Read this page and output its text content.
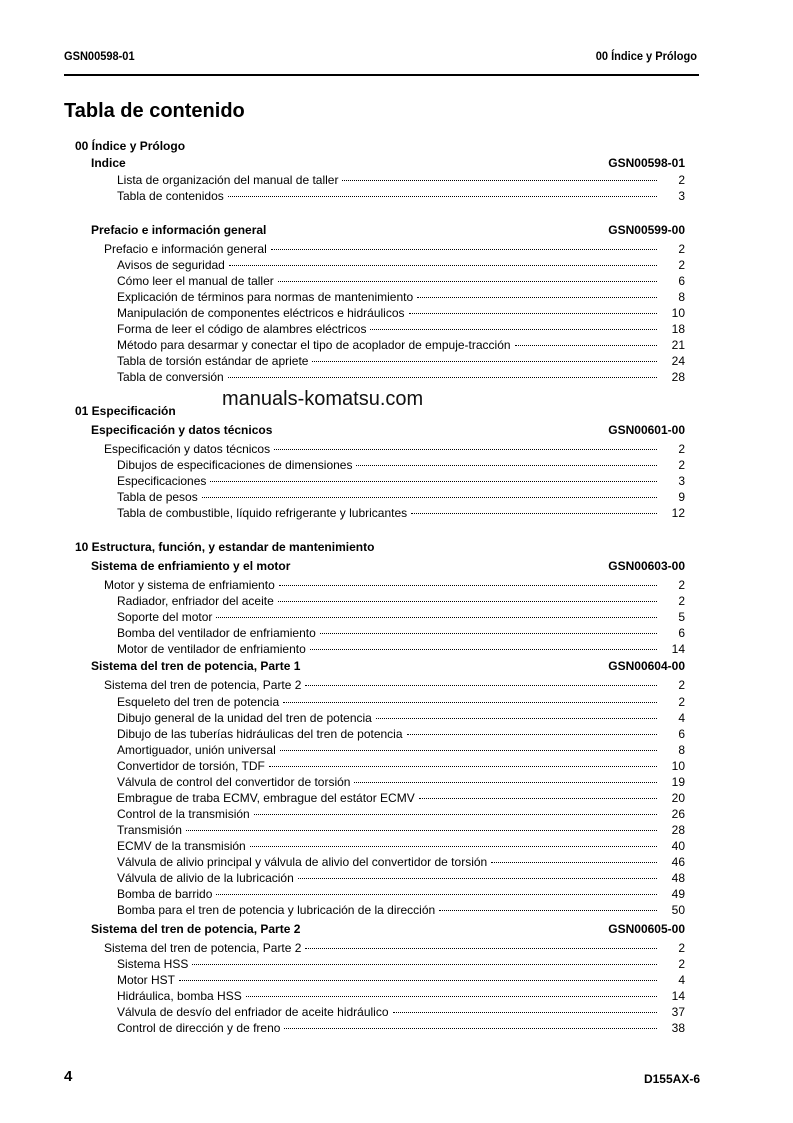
GSN00598-01	00 Índice y Prólogo
Tabla de contenido
00 Índice y Prólogo
Indice	GSN00598-01
Lista de organización del manual de taller	2
Tabla de contenidos	3
Prefacio e información general	GSN00599-00
Prefacio e información general	2
Avisos de seguridad	2
Cómo leer el manual de taller	6
Explicación de términos para normas de mantenimiento	8
Manipulación de componentes eléctricos e hidráulicos	10
Forma de leer el código de alambres eléctricos	18
Método para desarmar y conectar el tipo de acoplador de empuje-tracción	21
Tabla de torsión estándar de apriete	24
Tabla de conversión	28
01 Especificación
Especificación y datos técnicos	GSN00601-00
Especificación y datos técnicos	2
Dibujos de especificaciones de dimensiones	2
Especificaciones	3
Tabla de pesos	9
Tabla de combustible, líquido refrigerante y lubricantes	12
10 Estructura, función, y estandar de mantenimiento
Sistema de enfriamiento y el motor	GSN00603-00
Motor y sistema de enfriamiento	2
Radiador, enfriador del aceite	2
Soporte del motor	5
Bomba del ventilador de enfriamiento	6
Motor de ventilador de enfriamiento	14
Sistema del tren de potencia, Parte 1	GSN00604-00
Sistema del tren de potencia, Parte 2	2
Esqueleto del tren de potencia	2
Dibujo general de la unidad del tren de potencia	4
Dibujo de las tuberías hidráulicas del tren de potencia	6
Amortiguador, unión universal	8
Convertidor de torsión, TDF	10
Válvula de control del convertidor de torsión	19
Embrague de traba ECMV, embrague del estátor ECMV	20
Control de la transmisión	26
Transmisión	28
ECMV de la transmisión	40
Válvula de alivio principal y válvula de alivio del convertidor de torsión	46
Válvula de alivio de la lubricación	48
Bomba de barrido	49
Bomba para el tren de potencia y lubricación de la dirección	50
Sistema del tren de potencia, Parte 2	GSN00605-00
Sistema del tren de potencia, Parte 2	2
Sistema HSS	2
Motor HST	4
Hidráulica, bomba HSS	14
Válvula de desvío del enfriador de aceite hidráulico	37
Control de dirección y de freno	38
manuals-komatsu.com
4	D155AX-6
